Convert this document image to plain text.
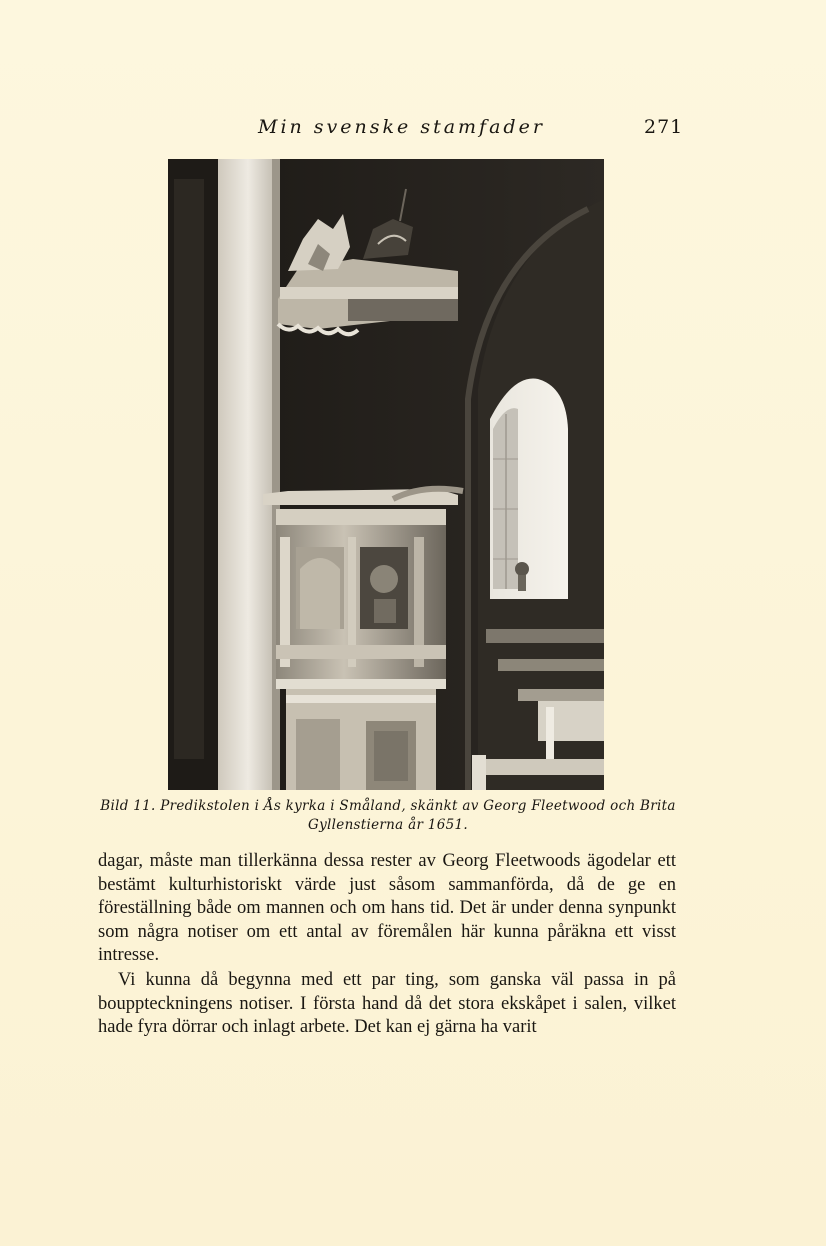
Min svenske stamfader	271
Bild 11. Predikstolen i Ås kyrka i Småland, skänkt av Georg Fleetwood och Brita
Gyllenstierna år 1651.

dagar, måste man tillerkänna dessa rester av Georg Fleetwoods ägodelar ett bestämt kulturhistoriskt värde just såsom sammanförda, då de ge en föreställning både om mannen och om hans tid. Det är under denna synpunkt som några notiser om ett antal av föremålen här kunna påräkna ett visst intresse.

Vi kunna då begynna med ett par ting, som ganska väl passa in på bouppteckningens notiser. I första hand då det stora ekskåpet i salen, vilket hade fyra dörrar och inlagt arbete. Det kan ej gärna ha varit
